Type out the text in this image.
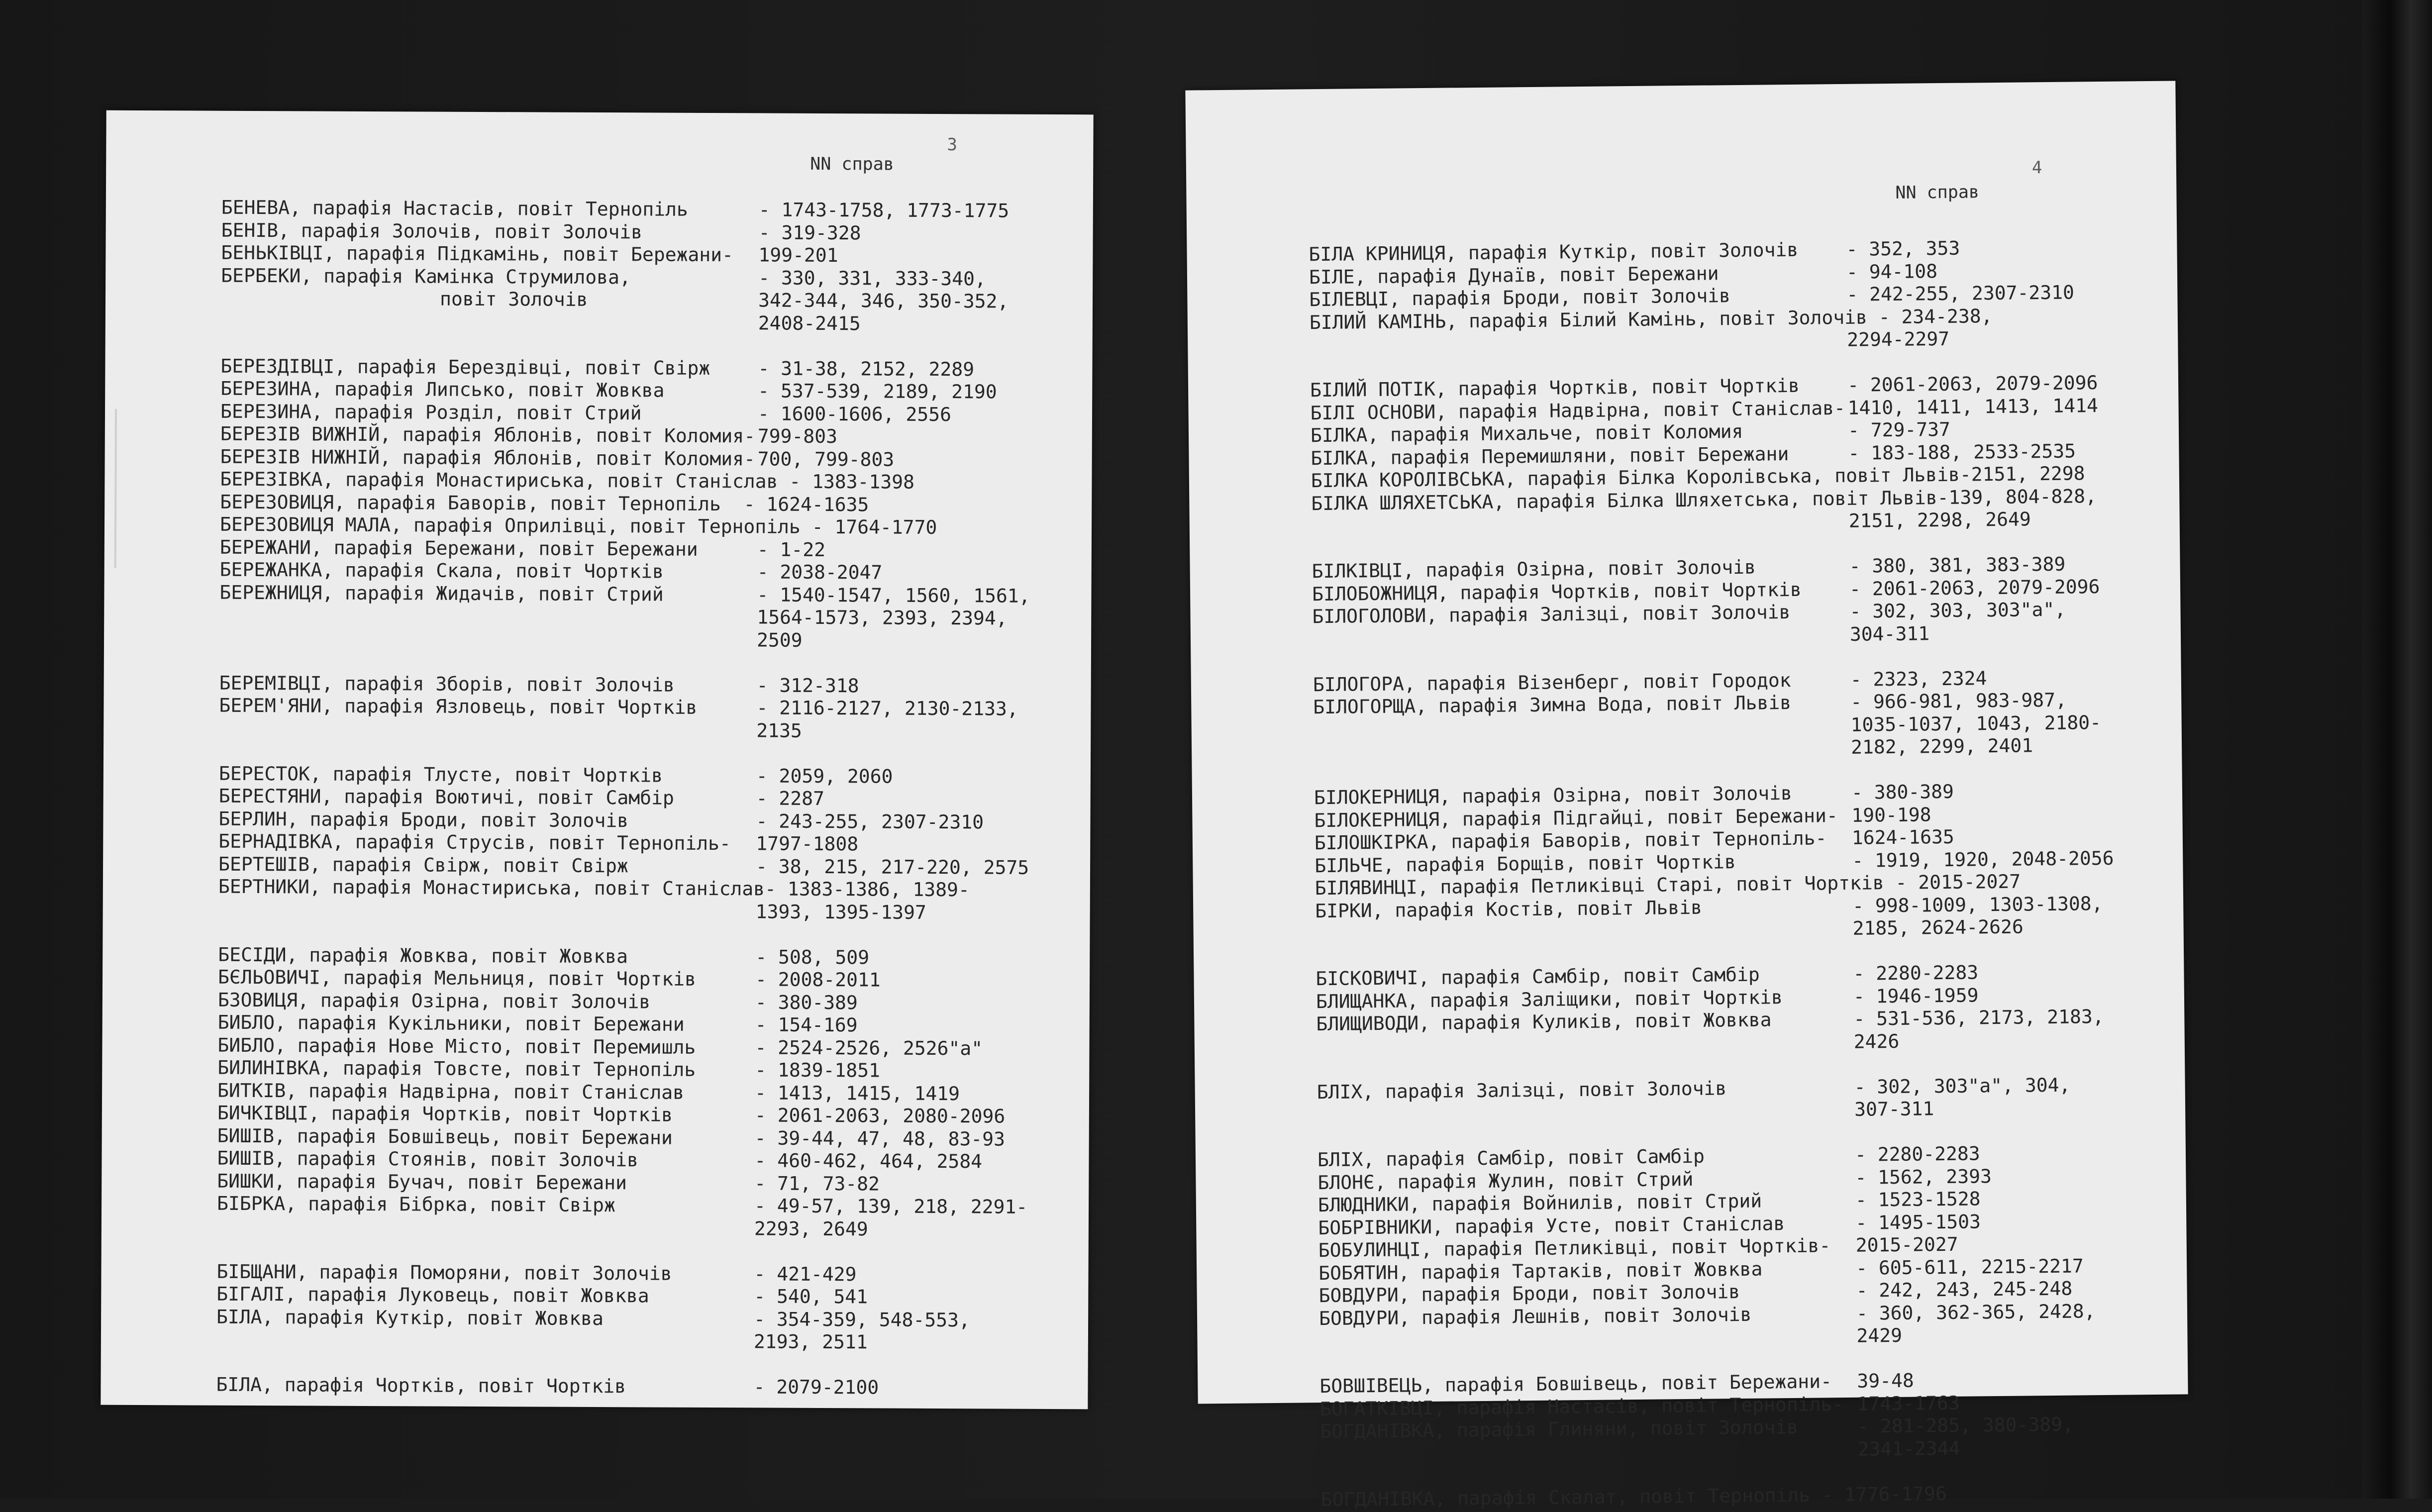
3
NN справ
БЕНЕВА, парафія Настасів, повіт Тернопіль	- 1743-1758, 1773-1775
БЕНІВ, парафія Золочів, повіт Золочів	- 319-328
БЕНЬКІВЦІ, парафія Підкамінь, повіт Бережани- 199-201
БЕРБЕКИ, парафія Камінка Струмилова,	- 330, 331, 333-340,
повіт Золочів	342-344, 346, 350-352,
2408-2415
БЕРЕЗДІВЦІ, парафія Берездівці, повіт Свірж	- 31-38, 2152, 2289
БЕРЕЗИНА, парафія Липсько, повіт Жовква	- 537-539, 2189, 2190
БЕРЕЗИНА, парафія Розділ, повіт Стрий	- 1600-1606, 2556
БЕРЕЗІВ ВИЖНІЙ, парафія Яблонів, повіт Коломия- 799-803
БЕРЕЗІВ НИЖНІЙ, парафія Яблонів, повіт Коломия- 700, 799-803
БЕРЕЗІВКА, парафія Монастириська, повіт Станіслав - 1383-1398
БЕРЕЗОВИЦЯ, парафія Баворів, повіт Тернопіль  - 1624-1635
БЕРЕЗОВИЦЯ МАЛА, парафія Оприлівці, повіт Тернопіль - 1764-1770
БЕРЕЖАНИ, парафія Бережани, повіт Бережани	- 1-22
БЕРЕЖАНКА, парафія Скала, повіт Чортків	- 2038-2047
БЕРЕЖНИЦЯ, парафія Жидачів, повіт Стрий	- 1540-1547, 1560, 1561,
1564-1573, 2393, 2394,
2509
БЕРЕМІВЦІ, парафія Зборів, повіт Золочів	- 312-318
БЕРЕМ'ЯНИ, парафія Язловець, повіт Чортків	- 2116-2127, 2130-2133,
2135
БЕРЕСТОК, парафія Тлусте, повіт Чортків	- 2059, 2060
БЕРЕСТЯНИ, парафія Воютичі, повіт Самбір	- 2287
БЕРЛИН, парафія Броди, повіт Золочів	- 243-255, 2307-2310
БЕРНАДІВКА, парафія Струсів, повіт Тернопіль- 1797-1808
БЕРТЕШІВ, парафія Свірж, повіт Свірж	- 38, 215, 217-220, 2575
БЕРТНИКИ, парафія Монастириська, повіт Станіслав- 1383-1386, 1389-
1393, 1395-1397
БЕСІДИ, парафія Жовква, повіт Жовква	- 508, 509
БЄЛЬОВИЧІ, парафія Мельниця, повіт Чортків	- 2008-2011
БЗОВИЦЯ, парафія Озірна, повіт Золочів	- 380-389
БИБЛО, парафія Кукільники, повіт Бережани	- 154-169
БИБЛО, парафія Нове Місто, повіт Перемишль	- 2524-2526, 2526"а"
БИЛИНІВКА, парафія Товсте, повіт Тернопіль	- 1839-1851
БИТКІВ, парафія Надвірна, повіт Станіслав	- 1413, 1415, 1419
БИЧКІВЦІ, парафія Чортків, повіт Чортків	- 2061-2063, 2080-2096
БИШІВ, парафія Бовшівець, повіт Бережани	- 39-44, 47, 48, 83-93
БИШІВ, парафія Стоянів, повіт Золочів	- 460-462, 464, 2584
БИШКИ, парафія Бучач, повіт Бережани	- 71, 73-82
БІБРКА, парафія Бібрка, повіт Свірж	- 49-57, 139, 218, 2291-
2293, 2649
БІБЩАНИ, парафія Поморяни, повіт Золочів	- 421-429
БІГАЛІ, парафія Луковець, повіт Жовква	- 540, 541
БІЛА, парафія Куткір, повіт Жовква	- 354-359, 548-553,
2193, 2511
БІЛА, парафія Чортків, повіт Чортків	- 2079-2100
4
NN справ
БІЛА КРИНИЦЯ, парафія Куткір, повіт Золочів	- 352, 353
БІЛЕ, парафія Дунаїв, повіт Бережани	- 94-108
БІЛЕВЦІ, парафія Броди, повіт Золочів	- 242-255, 2307-2310
БІЛИЙ КАМІНЬ, парафія Білий Камінь, повіт Золочів - 234-238,
2294-2297
БІЛИЙ ПОТІК, парафія Чортків, повіт Чортків	- 2061-2063, 2079-2096
БІЛІ ОСНОВИ, парафія Надвірна, повіт Станіслав- 1410, 1411, 1413, 1414
БІЛКА, парафія Михальче, повіт Коломия	- 729-737
БІЛКА, парафія Перемишляни, повіт Бережани	- 183-188, 2533-2535
БІЛКА КОРОЛІВСЬКА, парафія Білка Королівська, повіт Львів-2151, 2298
БІЛКА ШЛЯХЕТСЬКА, парафія Білка Шляхетська, повіт Львів-139, 804-828,
2151, 2298, 2649
БІЛКІВЦІ, парафія Озірна, повіт Золочів	- 380, 381, 383-389
БІЛОБОЖНИЦЯ, парафія Чортків, повіт Чортків	- 2061-2063, 2079-2096
БІЛОГОЛОВИ, парафія Залізці, повіт Золочів	- 302, 303, 303"а",
304-311
БІЛОГОРА, парафія Візенберг, повіт Городок	- 2323, 2324
БІЛОГОРЩА, парафія Зимна Вода, повіт Львів	- 966-981, 983-987,
1035-1037, 1043, 2180-
2182, 2299, 2401
БІЛОКЕРНИЦЯ, парафія Озірна, повіт Золочів	- 380-389
БІЛОКЕРНИЦЯ, парафія Підгайці, повіт Бережани- 190-198
БІЛОШКІРКА, парафія Баворів, повіт Тернопіль- 1624-1635
БІЛЬЧЕ, парафія Борщів, повіт Чортків	- 1919, 1920, 2048-2056
БІЛЯВИНЦІ, парафія Петликівці Старі, повіт Чортків - 2015-2027
БІРКИ, парафія Костів, повіт Львів	- 998-1009, 1303-1308,
2185, 2624-2626
БІСКОВИЧІ, парафія Самбір, повіт Самбір	- 2280-2283
БЛИЩАНКА, парафія Заліщики, повіт Чортків	- 1946-1959
БЛИЩИВОДИ, парафія Куликів, повіт Жовква	- 531-536, 2173, 2183,
2426
БЛІХ, парафія Залізці, повіт Золочів	- 302, 303"а", 304,
307-311
БЛІХ, парафія Самбір, повіт Самбір	- 2280-2283
БЛОНЄ, парафія Жулин, повіт Стрий	- 1562, 2393
БЛЮДНИКИ, парафія Войнилів, повіт Стрий	- 1523-1528
БОБРІВНИКИ, парафія Усте, повіт Станіслав	- 1495-1503
БОБУЛИНЦІ, парафія Петликівці, повіт Чортків- 2015-2027
БОБЯТИН, парафія Тартаків, повіт Жовква	- 605-611, 2215-2217
БОВДУРИ, парафія Броди, повіт Золочів	- 242, 243, 245-248
БОВДУРИ, парафія Лешнів, повіт Золочів	- 360, 362-365, 2428,
2429
БОВШІВЕЦЬ, парафія Бовшівець, повіт Бережани- 39-48
БОГАТКІВЦІ, парафія Настасів, повіт Тернопіль- 1743-1763
БОГДАНІВКА, парафія Глиняни, повіт Золочів	- 281-285, 380-389,
2341-2344
БОГДАНІВКА, парафія Скалат, повіт Тернопіль - 1776-1796
